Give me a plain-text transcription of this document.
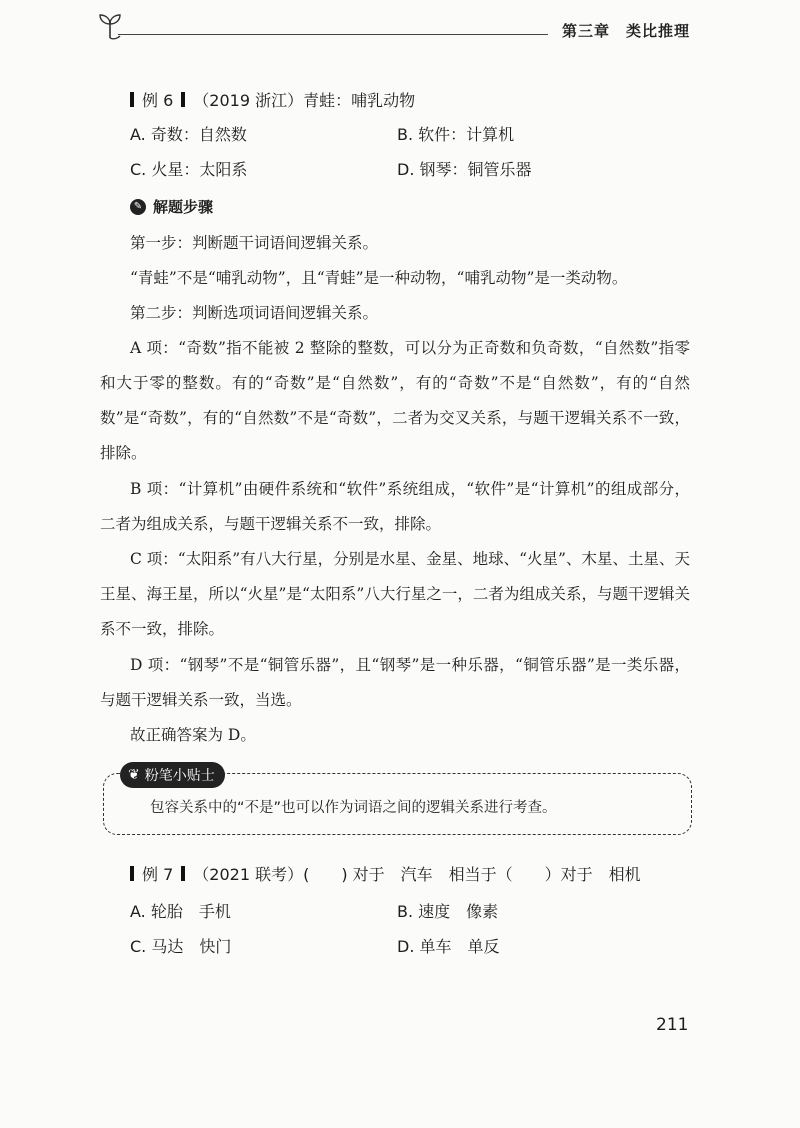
第三章　类比推理
例 6 （2019 浙江）青蛙：哺乳动物
A. 奇数：自然数	B. 软件：计算机
C. 火星：太阳系	D. 钢琴：铜管乐器
✎ 解题步骤

第一步：判断题干词语间逻辑关系。

“青蛙”不是“哺乳动物”，且“青蛙”是一种动物，“哺乳动物”是一类动物。

第二步：判断选项词语间逻辑关系。

A 项：“奇数”指不能被 2 整除的整数，可以分为正奇数和负奇数，“自然数”指零和大于零的整数。有的“奇数”是“自然数”，有的“奇数”不是“自然数”，有的“自然数”是“奇数”，有的“自然数”不是“奇数”，二者为交叉关系，与题干逻辑关系不一致，排除。

B 项：“计算机”由硬件系统和“软件”系统组成，“软件”是“计算机”的组成部分，二者为组成关系，与题干逻辑关系不一致，排除。

C 项：“太阳系”有八大行星，分别是水星、金星、地球、“火星”、木星、土星、天王星、海王星，所以“火星”是“太阳系”八大行星之一，二者为组成关系，与题干逻辑关系不一致，排除。

D 项：“钢琴”不是“铜管乐器”，且“钢琴”是一种乐器，“铜管乐器”是一类乐器，与题干逻辑关系一致，当选。

故正确答案为 D。

❦ 粉笔小贴士
包容关系中的“不是”也可以作为词语之间的逻辑关系进行考查。
例 7 （2021 联考）(　　) 对于　汽车　相当于（　　）对于　相机
A. 轮胎　手机	B. 速度　像素
C. 马达　快门	D. 单车　单反
211
